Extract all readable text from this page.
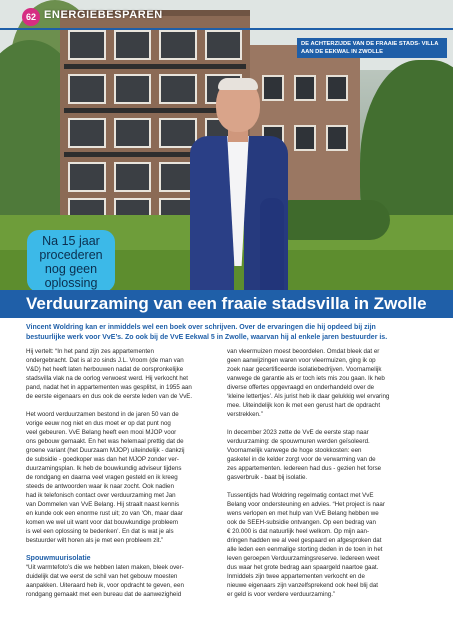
62 ENERGIEBESPAREN
DE ACHTERZIJDE VAN DE FRAAIE STADS- VILLA AAN DE EEKWAL IN ZWOLLE
Na 15 jaar
procederen
nog geen
oplossing
Verduurzaming van een fraaie stadsvilla in Zwolle
Vincent Woldring kan er inmiddels wel een boek over schrijven. Over de ervaringen die hij opdeed bij zijn
bestuurlijke werk voor VvE’s. Zo ook bij de VvE Eekwal 5 in Zwolle, waarvan hij al enkele jaren bestuurder is.
Hij vertelt: “In het pand zijn zes appartementen
ondergebracht. Dat is al zo sinds J.L. Vroom (de man van
V&D) het heeft laten herbouwen nadat de oorspronkelijke
stadsvilla vlak na de oorlog verwoest werd. Hij verkocht het
pand, nadat het in appartementen was gesplitst, in 1955 aan
de eerste eigenaars en dus ook de eerste leden van de VvE.
Het woord verduurzamen bestond in de jaren 50 van de
vorige eeuw nog niet en dus moet er op dat punt nog
veel gebeuren. VvE Belang heeft een mooi MJOP voor
ons gebouw gemaakt. En het was helemaal prettig dat de
groene variant (het Duurzaam MJOP) uiteindelijk - dankzij
de subsidie - goedkoper was dan het MJOP zonder ver-
duurzamingsplan. Ik heb de bouwkundig adviseur tijdens
de rondgang en daarna veel vragen gesteld en ik kreeg
steeds de antwoorden waar ik naar zocht. Ook nadien
had ik telefonisch contact over verduurzaming met Jan
van Dommelen van VvE Belang. Hij straalt naast kennis
en kunde ook een enorme rust uit; zo van ‘Oh, maar daar
komen we wel uit want voor dat bouwkundige probleem
is wel een oplossing te bedenken’. En dat is wat je als
bestuurder wilt horen als je met een probleem zit.”
Spouwmuurisolatie
“Uit warmtefoto’s die we hebben laten maken, bleek over-
duidelijk dat we eerst de schil van het gebouw moesten
aanpakken. Uiteraard heb ik, voor opdracht te geven, een
rondgang gemaakt met een bureau dat de aanwezigheid
van vleermuizen moest beoordelen. Omdat bleek dat er
geen aanwijzingen waren voor vleermuizen, ging ik op
zoek naar gecertificeerde isolatiebedrijven. Voornamelijk
vanwege de garantie als er toch iets mis zou gaan. Ik heb
diverse offertes opgevraagd en onderhandeld over de
‘kleine lettertjes’. Als jurist heb ik daar gelukkig wel ervaring
mee. Uiteindelijk kon ik met een gerust hart de opdracht
verstrekken.”
In december 2023 zette de VvE de eerste stap naar
verduurzaming: de spouwmuren werden geïsoleerd.
Voornamelijk vanwege de hoge stookkosten: een
gasketel in de kelder zorgt voor de verwarming van de
zes appartementen. Iedereen had dus - gezien het forse
gasverbruik - baat bij isolatie.
Tussentijds had Woldring regelmatig contact met VvE
Belang voor ondersteuning en advies. “Het project is naar
wens verlopen en met hulp van VvE Belang hebben we
ook de SEEH-subsidie ontvangen. Op een bedrag van
€ 20.000 is dat natuurlijk heel welkom. Op mijn aan-
dringen hadden we al veel gespaard en afgesproken dat
alle leden een eenmalige storting deden in de toen in het
leven geroepen Verduurzamingsreserve. Iedereen weet
dus waar het grote bedrag aan spaargeld naartoe gaat.
Inmiddels zijn twee appartementen verkocht en de
nieuwe eigenaars zijn vanzelfsprekend ook heel blij dat
er geld is voor verdere verduurzaming.”
